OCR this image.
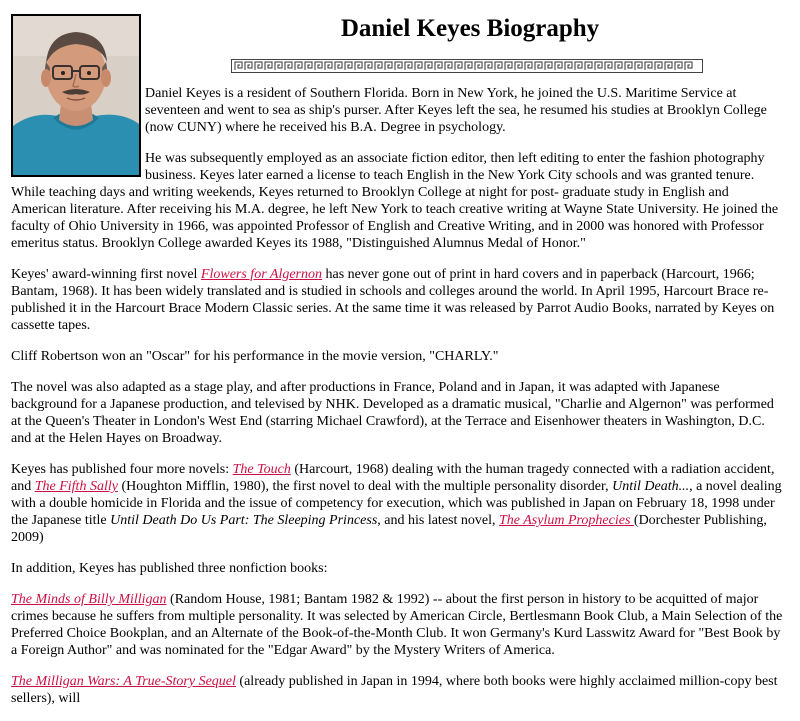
Daniel Keyes Biography

Daniel Keyes is a resident of Southern Florida. Born in New York, he joined the U.S. Maritime Service at seventeen and went to sea as ship's purser. After Keyes left the sea, he resumed his studies at Brooklyn College (now CUNY) where he received his B.A. Degree in psychology.

He was subsequently employed as an associate fiction editor, then left editing to enter the fashion photography business. Keyes later earned a license to teach English in the New York City schools and was granted tenure. While teaching days and writing weekends, Keyes returned to Brooklyn College at night for post- graduate study in English and American literature. After receiving his M.A. degree, he left New York to teach creative writing at Wayne State University. He joined the faculty of Ohio University in 1966, was appointed Professor of English and Creative Writing, and in 2000 was honored with Professor emeritus status. Brooklyn College awarded Keyes its 1988, "Distinguished Alumnus Medal of Honor."

Keyes' award-winning first novel Flowers for Algernon has never gone out of print in hard covers and in paperback (Harcourt, 1966; Bantam, 1968). It has been widely translated and is studied in schools and colleges around the world. In April 1995, Harcourt Brace re-published it in the Harcourt Brace Modern Classic series. At the same time it was released by Parrot Audio Books, narrated by Keyes on cassette tapes.

Cliff Robertson won an "Oscar" for his performance in the movie version, "CHARLY."

The novel was also adapted as a stage play, and after productions in France, Poland and in Japan, it was adapted with Japanese background for a Japanese production, and televised by NHK. Developed as a dramatic musical, "Charlie and Algernon" was performed at the Queen's Theater in London's West End (starring Michael Crawford), at the Terrace and Eisenhower theaters in Washington, D.C. and at the Helen Hayes on Broadway.

Keyes has published four more novels: The Touch (Harcourt, 1968) dealing with the human tragedy connected with a radiation accident, and The Fifth Sally (Houghton Mifflin, 1980), the first novel to deal with the multiple personality disorder, Until Death..., a novel dealing with a double homicide in Florida and the issue of competency for execution, which was published in Japan on February 18, 1998 under the Japanese title Until Death Do Us Part: The Sleeping Princess, and his latest novel, The Asylum Prophecies (Dorchester Publishing, 2009)

In addition, Keyes has published three nonfiction books:

The Minds of Billy Milligan (Random House, 1981; Bantam 1982 & 1992) -- about the first person in history to be acquitted of major crimes because he suffers from multiple personality. It was selected by American Circle, Bertlesmann Book Club, a Main Selection of the Preferred Choice Bookplan, and an Alternate of the Book-of-the-Month Club. It won Germany's Kurd Lasswitz Award for "Best Book by a Foreign Author" and was nominated for the "Edgar Award" by the Mystery Writers of America.

The Milligan Wars: A True-Story Sequel (already published in Japan in 1994, where both books were highly acclaimed million-copy best sellers), will
